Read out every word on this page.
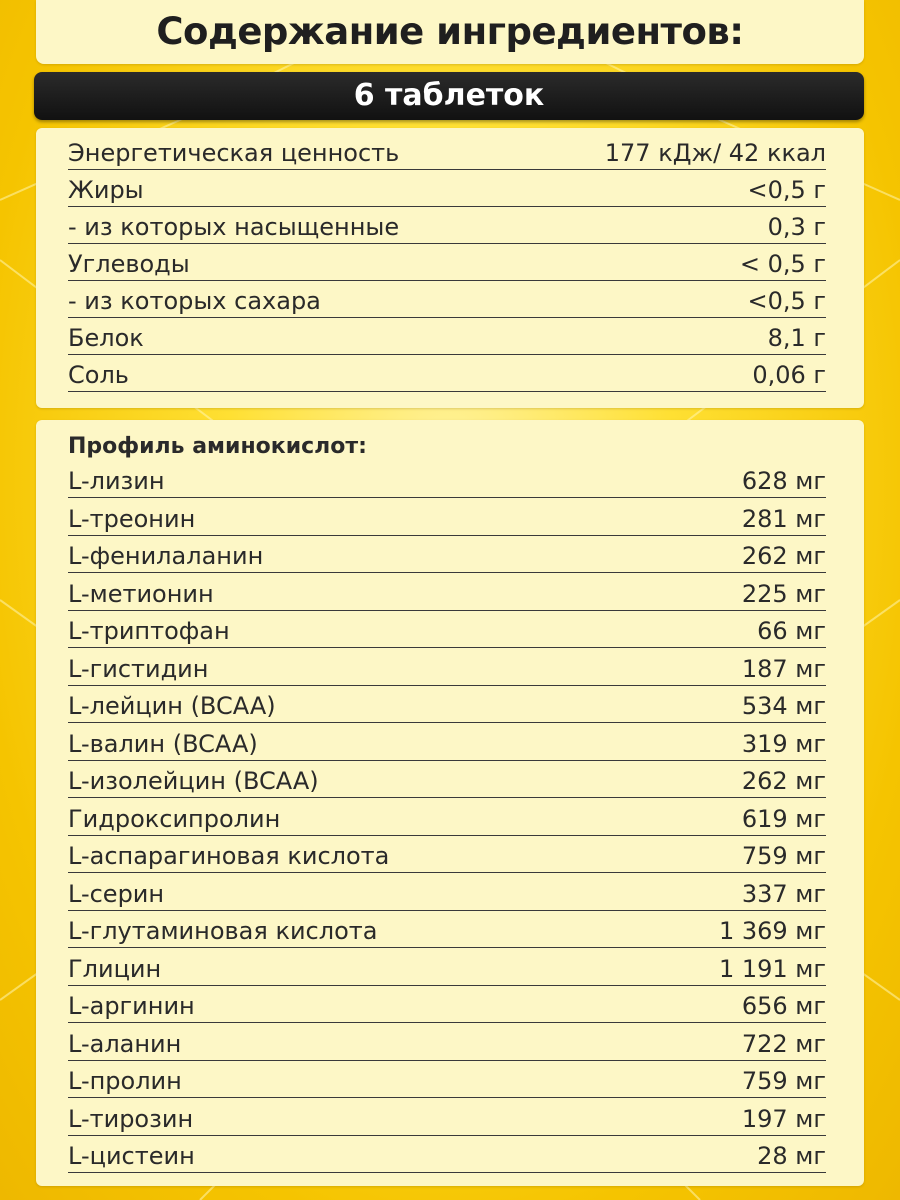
Содержание ингредиентов:
6 таблеток
Энергетическая ценность	177 кДж/ 42 ккал
Жиры	<0,5 г
- из которых насыщенные	0,3 г
Углеводы	< 0,5 г
- из которых сахара	<0,5 г
Белок	8,1 г
Соль	0,06 г
Профиль аминокислот:
L-лизин	628 мг
L-треонин	281 мг
L-фенилаланин	262 мг
L-метионин	225 мг
L-триптофан	66 мг
L-гистидин	187 мг
L-лейцин (BCAA)	534 мг
L-валин (BCAA)	319 мг
L-изолейцин (BCAA)	262 мг
Гидроксипролин	619 мг
L-аспарагиновая кислота	759 мг
L-серин	337 мг
L-глутаминовая кислота	1 369 мг
Глицин	1 191 мг
L-аргинин	656 мг
L-аланин	722 мг
L-пролин	759 мг
L-тирозин	197 мг
L-цистеин	28 мг
